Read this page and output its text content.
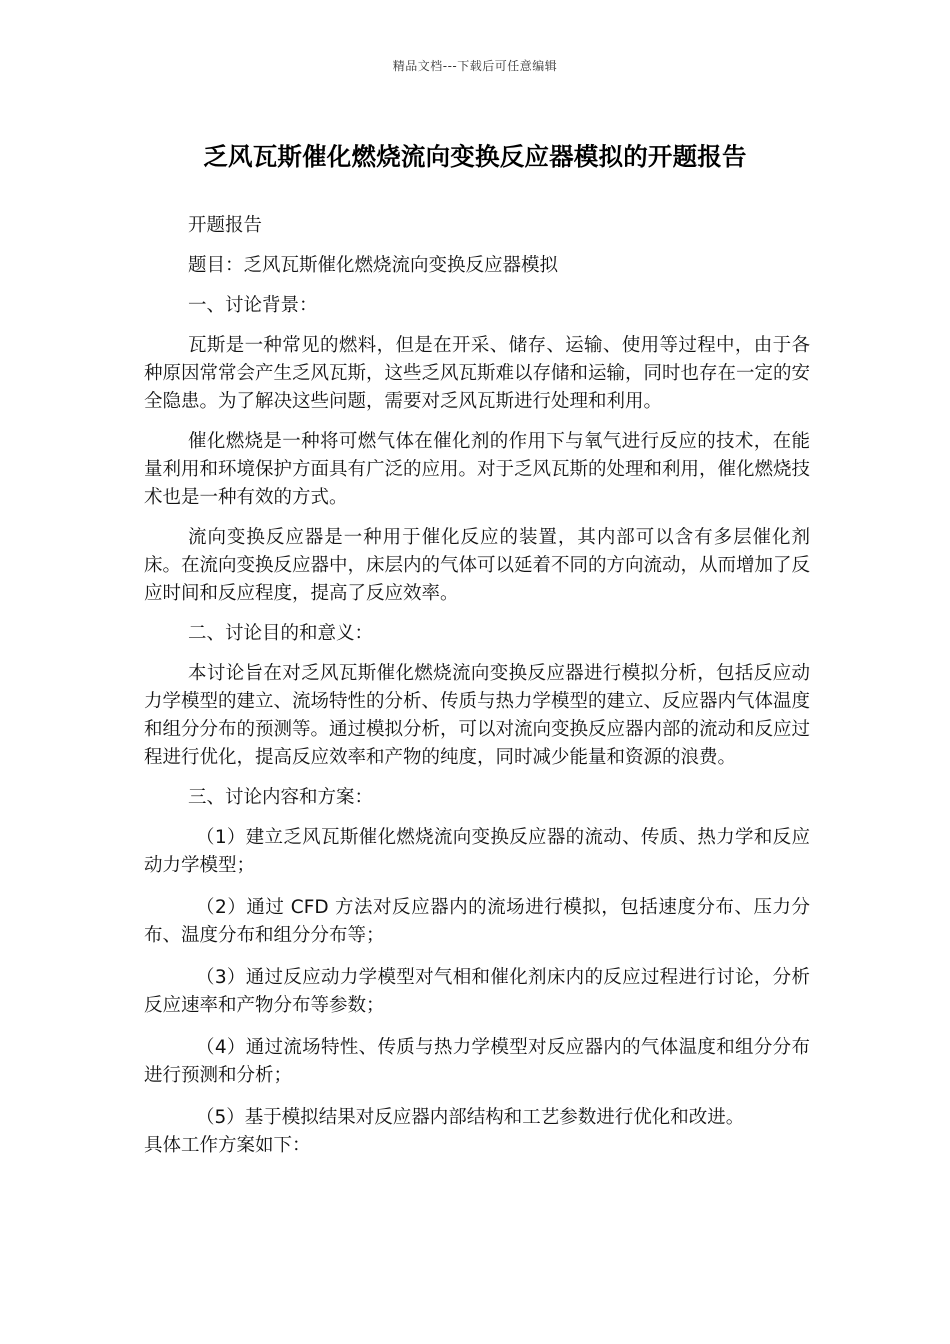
精品文档---下载后可任意编辑
乏风瓦斯催化燃烧流向变换反应器模拟的开题报告

开题报告

题目：乏风瓦斯催化燃烧流向变换反应器模拟

一、讨论背景：

瓦斯是一种常见的燃料，但是在开采、储存、运输、使用等过程中，由于各种原因常常会产生乏风瓦斯，这些乏风瓦斯难以存储和运输，同时也存在一定的安全隐患。为了解决这些问题，需要对乏风瓦斯进行处理和利用。

催化燃烧是一种将可燃气体在催化剂的作用下与氧气进行反应的技术，在能量利用和环境保护方面具有广泛的应用。对于乏风瓦斯的处理和利用，催化燃烧技术也是一种有效的方式。

流向变换反应器是一种用于催化反应的装置，其内部可以含有多层催化剂床。在流向变换反应器中，床层内的气体可以延着不同的方向流动，从而增加了反应时间和反应程度，提高了反应效率。

二、讨论目的和意义：

本讨论旨在对乏风瓦斯催化燃烧流向变换反应器进行模拟分析，包括反应动力学模型的建立、流场特性的分析、传质与热力学模型的建立、反应器内气体温度和组分分布的预测等。通过模拟分析，可以对流向变换反应器内部的流动和反应过程进行优化，提高反应效率和产物的纯度，同时减少能量和资源的浪费。

三、讨论内容和方案：

（1）建立乏风瓦斯催化燃烧流向变换反应器的流动、传质、热力学和反应动力学模型；

（2）通过 CFD 方法对反应器内的流场进行模拟，包括速度分布、压力分布、温度分布和组分分布等；

（3）通过反应动力学模型对气相和催化剂床内的反应过程进行讨论，分析反应速率和产物分布等参数；

（4）通过流场特性、传质与热力学模型对反应器内的气体温度和组分分布进行预测和分析；

（5）基于模拟结果对反应器内部结构和工艺参数进行优化和改进。

具体工作方案如下：
